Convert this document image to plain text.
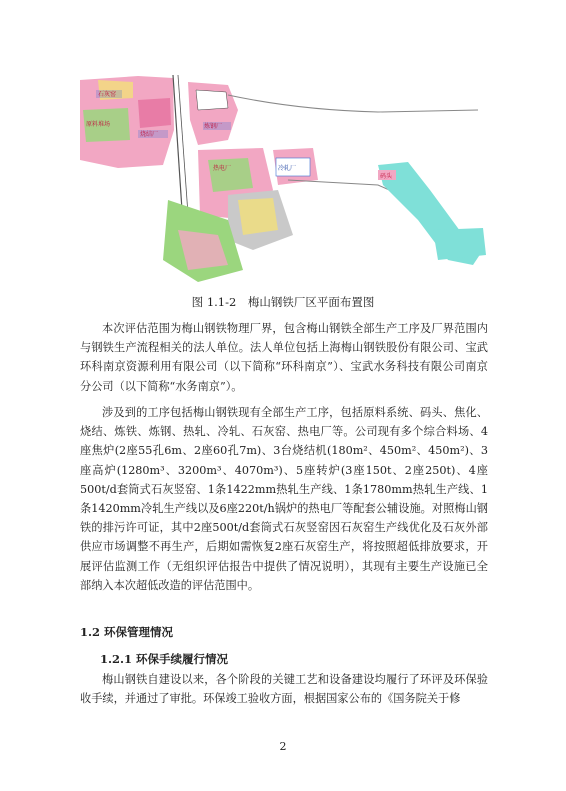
石灰窑
原料堆场
烧结厂
炼钢厂
热电厂
码头
冷轧厂
图 1.1-2　梅山钢铁厂区平面布置图
本次评估范围为梅山钢铁物理厂界，包含梅山钢铁全部生产工序及厂界范围内与钢铁生产流程相关的法人单位。法人单位包括上海梅山钢铁股份有限公司、宝武环科南京资源利用有限公司（以下简称“环科南京”）、宝武水务科技有限公司南京分公司（以下简称“水务南京”）。
涉及到的工序包括梅山钢铁现有全部生产工序，包括原料系统、码头、焦化、烧结、炼铁、炼钢、热轧、冷轧、石灰窑、热电厂等。公司现有多个综合料场、4座焦炉(2座55孔6m、2座60孔7m)、3台烧结机(180m²、450m²、450m²)、3座高炉(1280m³、3200m³、4070m³)、5座转炉(3座150t、2座250t)、4座500t/d套筒式石灰竖窑、1条1422mm热轧生产线、1条1780mm热轧生产线、1条1420mm冷轧生产线以及6座220t/h锅炉的热电厂等配套公辅设施。对照梅山钢铁的排污许可证，其中2座500t/d套筒式石灰竖窑因石灰窑生产线优化及石灰外部供应市场调整不再生产，后期如需恢复2座石灰窑生产，将按照超低排放要求，开展评估监测工作（无组织评估报告中提供了情况说明），其现有主要生产设施已全部纳入本次超低改造的评估范围中。
1.2 环保管理情况
1.2.1 环保手续履行情况
梅山钢铁自建设以来，各个阶段的关键工艺和设备建设均履行了环评及环保验收手续，并通过了审批。环保竣工验收方面，根据国家公布的《国务院关于修
2
